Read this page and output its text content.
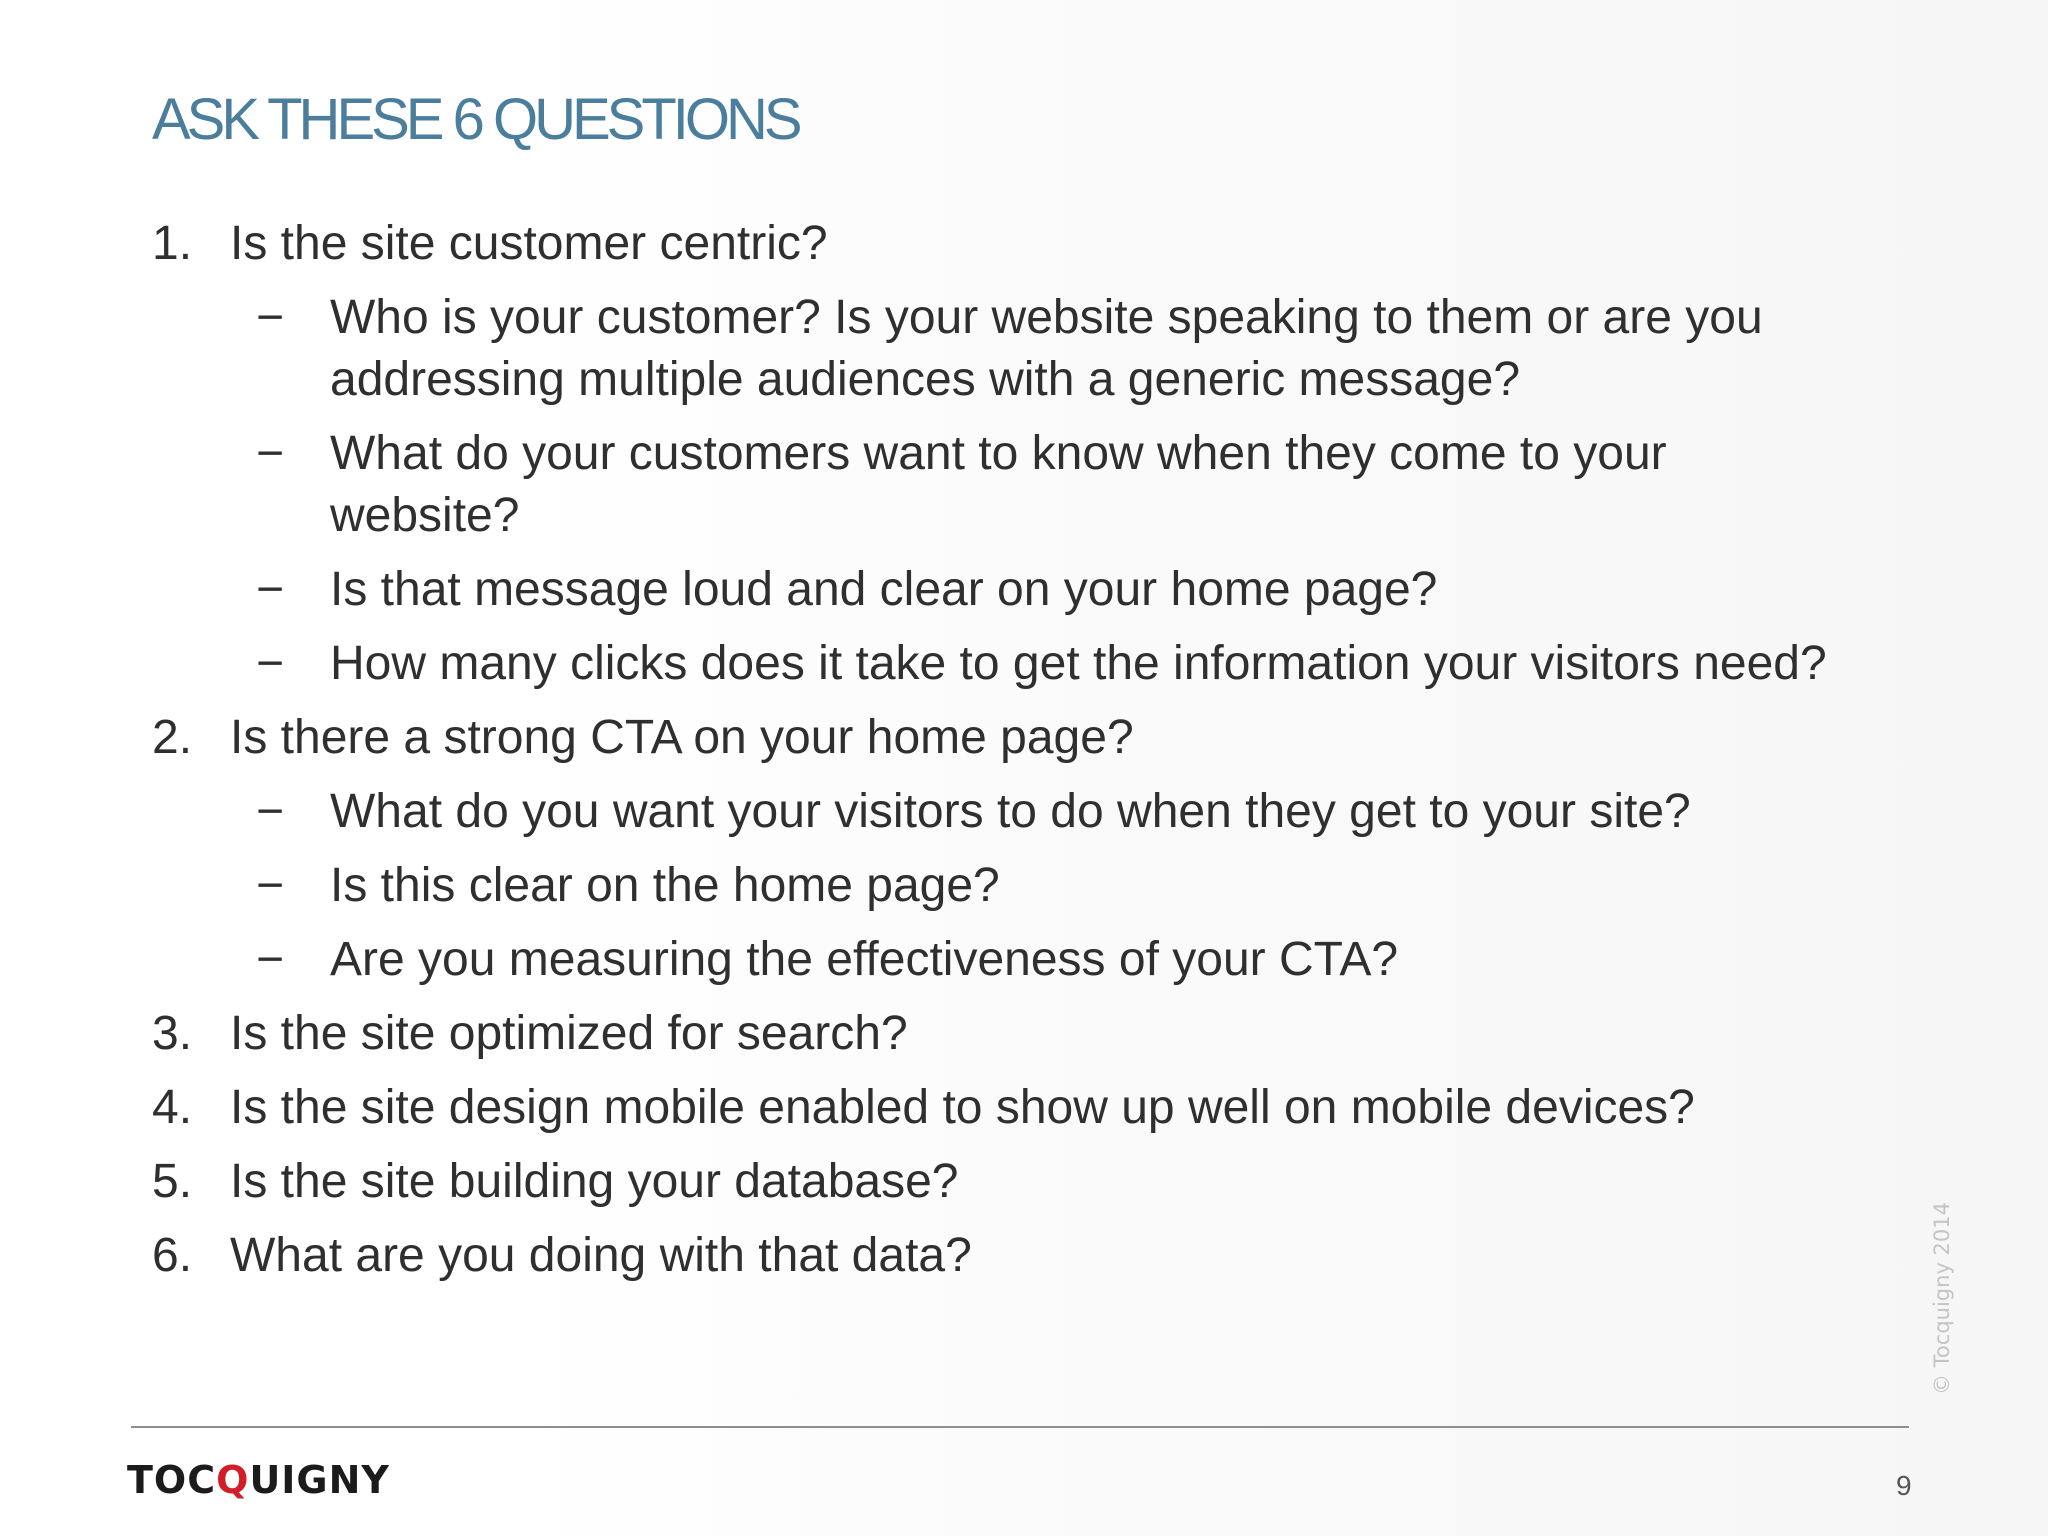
ASK THESE 6 QUESTIONS
1. Is the site customer centric?
− Who is your customer? Is your website speaking to them or are you addressing multiple audiences with a generic message?
− What do your customers want to know when they come to your website?
− Is that message loud and clear on your home page?
− How many clicks does it take to get the information your visitors need?
2. Is there a strong CTA on your home page?
− What do you want your visitors to do when they get to your site?
− Is this clear on the home page?
− Are you measuring the effectiveness of your CTA?
3. Is the site optimized for search?
4. Is the site design mobile enabled to show up well on mobile devices?
5. Is the site building your database?
6. What are you doing with that data?	© Tocquigny 2014
TOCQUIGNY	9
